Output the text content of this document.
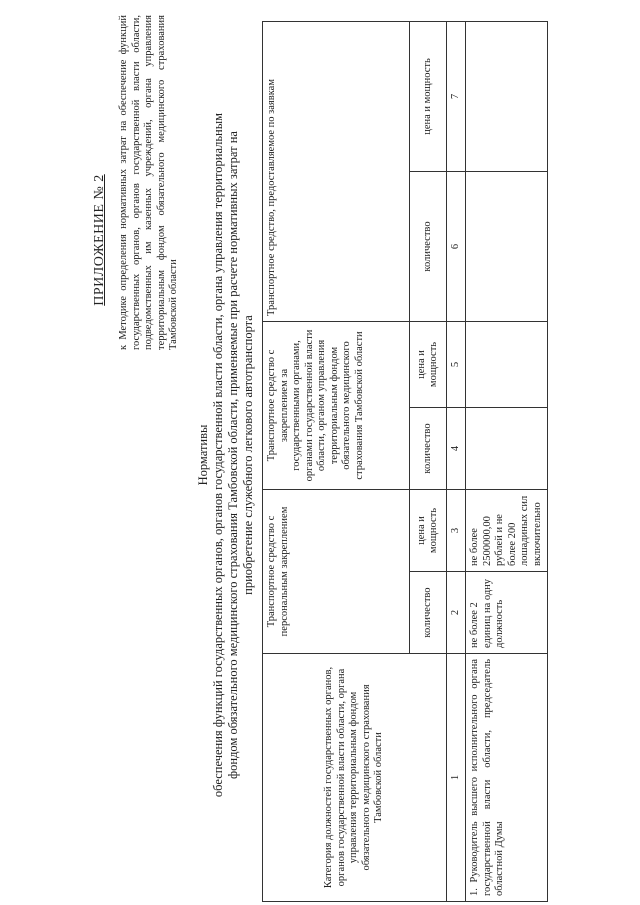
ПРИЛОЖЕНИЕ № 2 к Методике определения нормативных затрат на обеспечение функций государственных органов, органов государственной власти области, подведомственных им казенных учреждений, органа управления территориальным фондом обязательного медицинского страхования Тамбовской области
Нормативы обеспечения функций государственных органов, органов государственной власти области, органа управления территориальным фондом обязательного медицинского страхования Тамбовской области, применяемые при расчете нормативных затрат на приобретение служебного легкового автотранспорта
Категория должностей государственных органов, органов государственной власти области, органа управления территориальным фондом обязательного медицинского страхования Тамбовской области	Транспортное средство с персональным закреплением		Транспортное средство с закреплением за государственными органами, органами государственной власти области, органом управления территориальным фондом обязательного медицинского страхования Тамбовской области		Транспортное средство, предоставляемое по заявкам	
	количество	цена и мощность	количество	цена и мощность	количество	цена и мощность
1	2	3	4	5	6	7
1. Руководитель высшего исполнительного органа государственной власти области, председатель областной Думы	не более 2 единиц на одну должность	не более 2500000,00 рублей и не более 200 лошадиных сил включительно				
